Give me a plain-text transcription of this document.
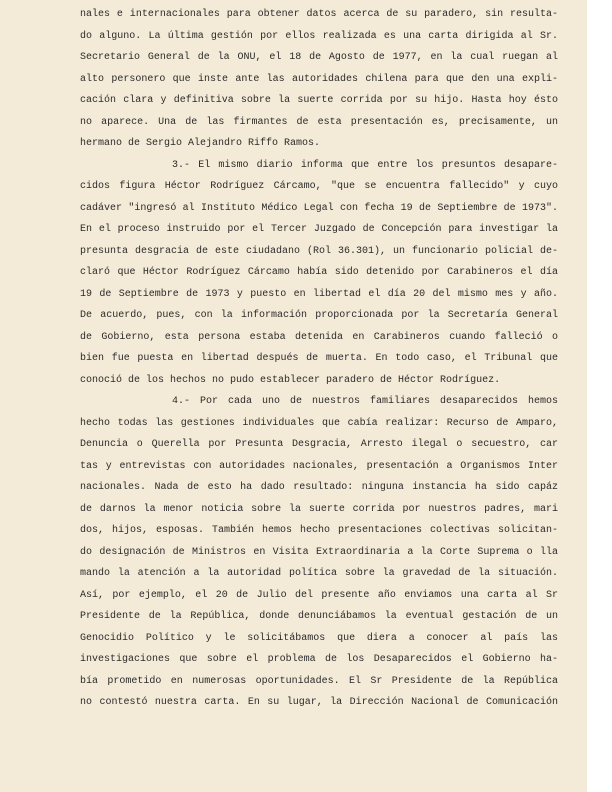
nales e internacionales para obtener datos acerca de su paradero, sin resulta-
do alguno. La última gestión por ellos realizada es una carta dirigida al Sr.
Secretario General de la ONU, el 18 de Agosto de 1977, en la cual ruegan al
alto personero que inste ante las autoridades chilena para que den una expli-
cación clara y definitiva sobre la suerte corrida por su hijo. Hasta hoy ésto
no aparece. Una de las firmantes de esta presentación es, precisamente, un
hermano de Sergio Alejandro Riffo Ramos.
3.- El mismo diario informa que entre los presuntos desapare-
cidos figura Héctor Rodríguez Cárcamo, "que se encuentra fallecido" y cuyo
cadáver "ingresó al Instituto Médico Legal con fecha 19 de Septiembre de 1973".
En el proceso instruido por el Tercer Juzgado de Concepción para investigar la
presunta desgracia de este ciudadano (Rol 36.301), un funcionario policial de-
claró que Héctor Rodríguez Cárcamo había sido detenido por Carabineros el día
19 de Septiembre de 1973 y puesto en libertad el día 20 del mismo mes y año.
De acuerdo, pues, con la información proporcionada por la Secretaría General
de Gobierno, esta persona estaba detenida en Carabineros cuando falleció o
bien fue puesta en libertad después de muerta. En todo caso, el Tribunal que
conoció de los hechos no pudo establecer paradero de Héctor Rodríguez.
4.- Por cada uno de nuestros familiares desaparecidos hemos
hecho todas las gestiones individuales que cabía realizar: Recurso de Amparo,
Denuncia o Querella por Presunta Desgracia, Arresto ilegal o secuestro, car
tas y entrevistas con autoridades nacionales, presentación a Organismos Inter
nacionales. Nada de esto ha dado resultado: ninguna instancia ha sido capáz
de darnos la menor noticia sobre la suerte corrida por nuestros padres, mari
dos, hijos, esposas. También hemos hecho presentaciones colectivas solicitan-
do designación de Ministros en Visita Extraordinaria a la Corte Suprema o lla
mando la atención a la autoridad política sobre la gravedad de la situación.
Así, por ejemplo, el 20 de Julio del presente año enviamos una carta al Sr
Presidente de la República, donde denunciábamos la eventual gestación de un
Genocidio Político y le solicitábamos que diera a conocer al país las
investigaciones que sobre el problema de los Desaparecidos el Gobierno ha-
bía prometido en numerosas oportunidades. El Sr Presidente de la República
no contestó nuestra carta. En su lugar, la Dirección Nacional de Comunicación
